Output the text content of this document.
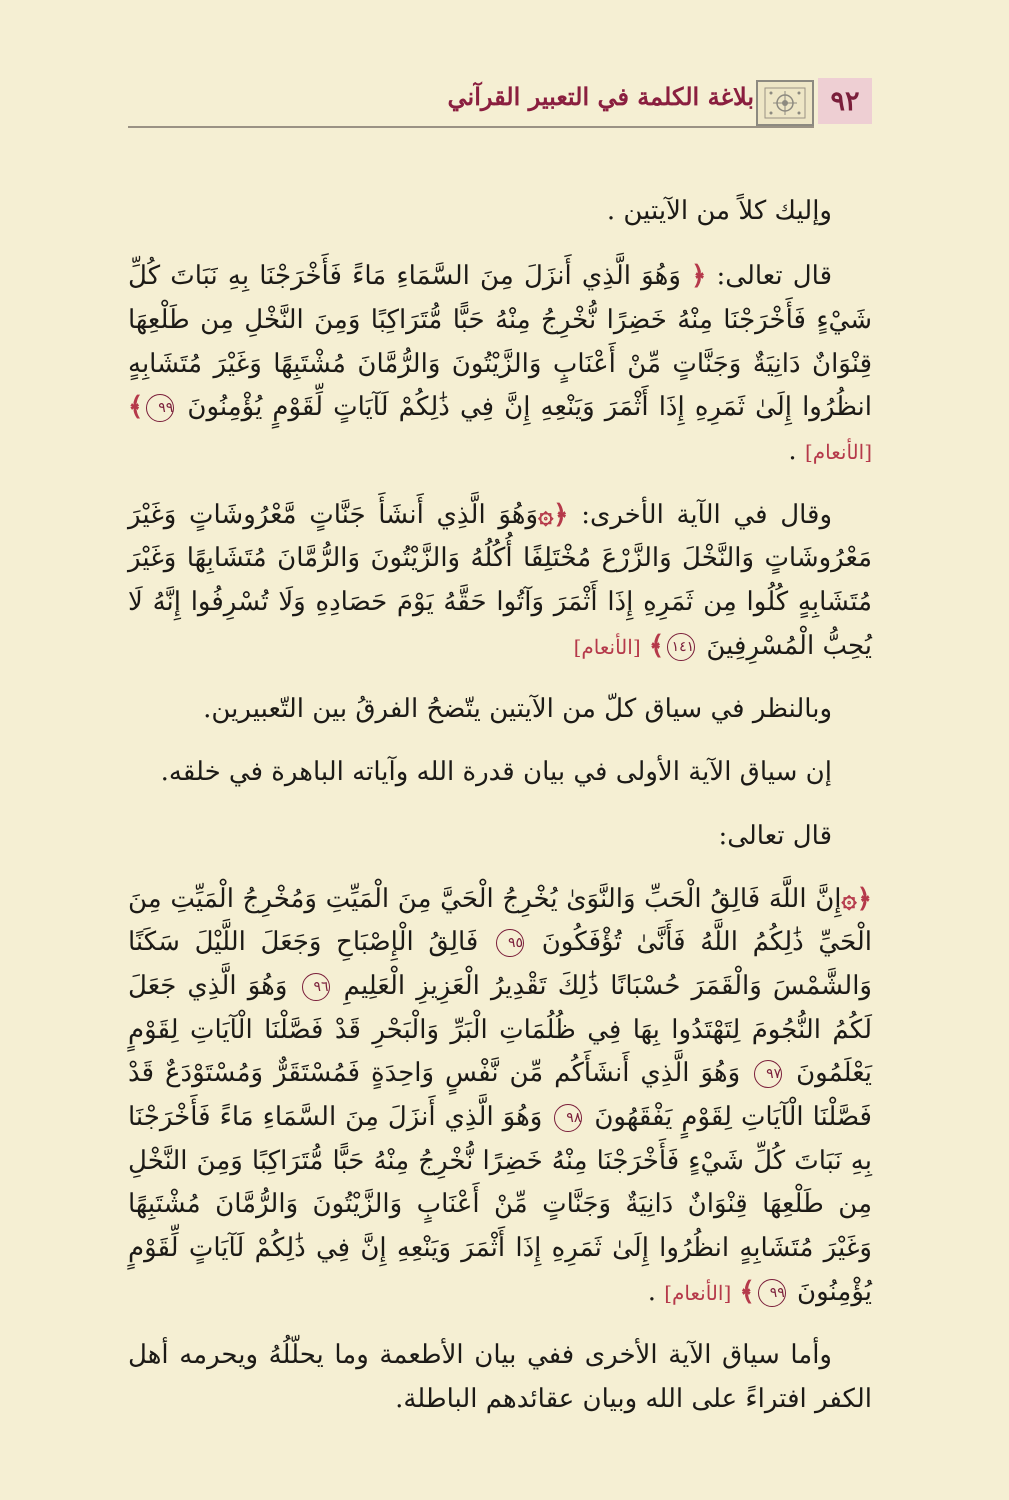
٩٢
بلاغة الكلمة في التعبير القرآني

وإليك كلاً من الآيتين .

قال تعالى: ﴿ وَهُوَ الَّذِي أَنزَلَ مِنَ السَّمَاءِ مَاءً فَأَخْرَجْنَا بِهِ نَبَاتَ كُلِّ شَيْءٍ فَأَخْرَجْنَا مِنْهُ خَضِرًا نُّخْرِجُ مِنْهُ حَبًّا مُّتَرَاكِبًا وَمِنَ النَّخْلِ مِن طَلْعِهَا قِنْوَانٌ دَانِيَةٌ وَجَنَّاتٍ مِّنْ أَعْنَابٍ وَالزَّيْتُونَ وَالرُّمَّانَ مُشْتَبِهًا وَغَيْرَ مُتَشَابِهٍ انظُرُوا إِلَىٰ ثَمَرِهِ إِذَا أَثْمَرَ وَيَنْعِهِ إِنَّ فِي ذَٰلِكُمْ لَآيَاتٍ لِّقَوْمٍ يُؤْمِنُونَ ٩٩﴾ [الأنعام] .

وقال في الآية الأخرى: ﴿۞وَهُوَ الَّذِي أَنشَأَ جَنَّاتٍ مَّعْرُوشَاتٍ وَغَيْرَ مَعْرُوشَاتٍ وَالنَّخْلَ وَالزَّرْعَ مُخْتَلِفًا أُكُلُهُ وَالزَّيْتُونَ وَالرُّمَّانَ مُتَشَابِهًا وَغَيْرَ مُتَشَابِهٍ كُلُوا مِن ثَمَرِهِ إِذَا أَثْمَرَ وَآتُوا حَقَّهُ يَوْمَ حَصَادِهِ وَلَا تُسْرِفُوا إِنَّهُ لَا يُحِبُّ الْمُسْرِفِينَ ١٤١﴾ [الأنعام]

وبالنظر في سياق كلّ من الآيتين يتّضحُ الفرقُ بين التّعبيرين.

إن سياق الآية الأولى في بيان قدرة الله وآياته الباهرة في خلقه.

قال تعالى:

﴿۞إِنَّ اللَّهَ فَالِقُ الْحَبِّ وَالنَّوَىٰ يُخْرِجُ الْحَيَّ مِنَ الْمَيِّتِ وَمُخْرِجُ الْمَيِّتِ مِنَ الْحَيِّ ذَٰلِكُمُ اللَّهُ فَأَنَّىٰ تُؤْفَكُونَ ٩٥ فَالِقُ الْإِصْبَاحِ وَجَعَلَ اللَّيْلَ سَكَنًا وَالشَّمْسَ وَالْقَمَرَ حُسْبَانًا ذَٰلِكَ تَقْدِيرُ الْعَزِيزِ الْعَلِيمِ ٩٦ وَهُوَ الَّذِي جَعَلَ لَكُمُ النُّجُومَ لِتَهْتَدُوا بِهَا فِي ظُلُمَاتِ الْبَرِّ وَالْبَحْرِ قَدْ فَصَّلْنَا الْآيَاتِ لِقَوْمٍ يَعْلَمُونَ ٩٧ وَهُوَ الَّذِي أَنشَأَكُم مِّن نَّفْسٍ وَاحِدَةٍ فَمُسْتَقَرٌّ وَمُسْتَوْدَعٌ قَدْ فَصَّلْنَا الْآيَاتِ لِقَوْمٍ يَفْقَهُونَ ٩٨ وَهُوَ الَّذِي أَنزَلَ مِنَ السَّمَاءِ مَاءً فَأَخْرَجْنَا بِهِ نَبَاتَ كُلِّ شَيْءٍ فَأَخْرَجْنَا مِنْهُ خَضِرًا نُّخْرِجُ مِنْهُ حَبًّا مُّتَرَاكِبًا وَمِنَ النَّخْلِ مِن طَلْعِهَا قِنْوَانٌ دَانِيَةٌ وَجَنَّاتٍ مِّنْ أَعْنَابٍ وَالزَّيْتُونَ وَالرُّمَّانَ مُشْتَبِهًا وَغَيْرَ مُتَشَابِهٍ انظُرُوا إِلَىٰ ثَمَرِهِ إِذَا أَثْمَرَ وَيَنْعِهِ إِنَّ فِي ذَٰلِكُمْ لَآيَاتٍ لِّقَوْمٍ يُؤْمِنُونَ ٩٩﴾ [الأنعام] .

وأما سياق الآية الأخرى ففي بيان الأطعمة وما يحلّلُهُ ويحرمه أهل الكفر افتراءً على الله وبيان عقائدهم الباطلة.
